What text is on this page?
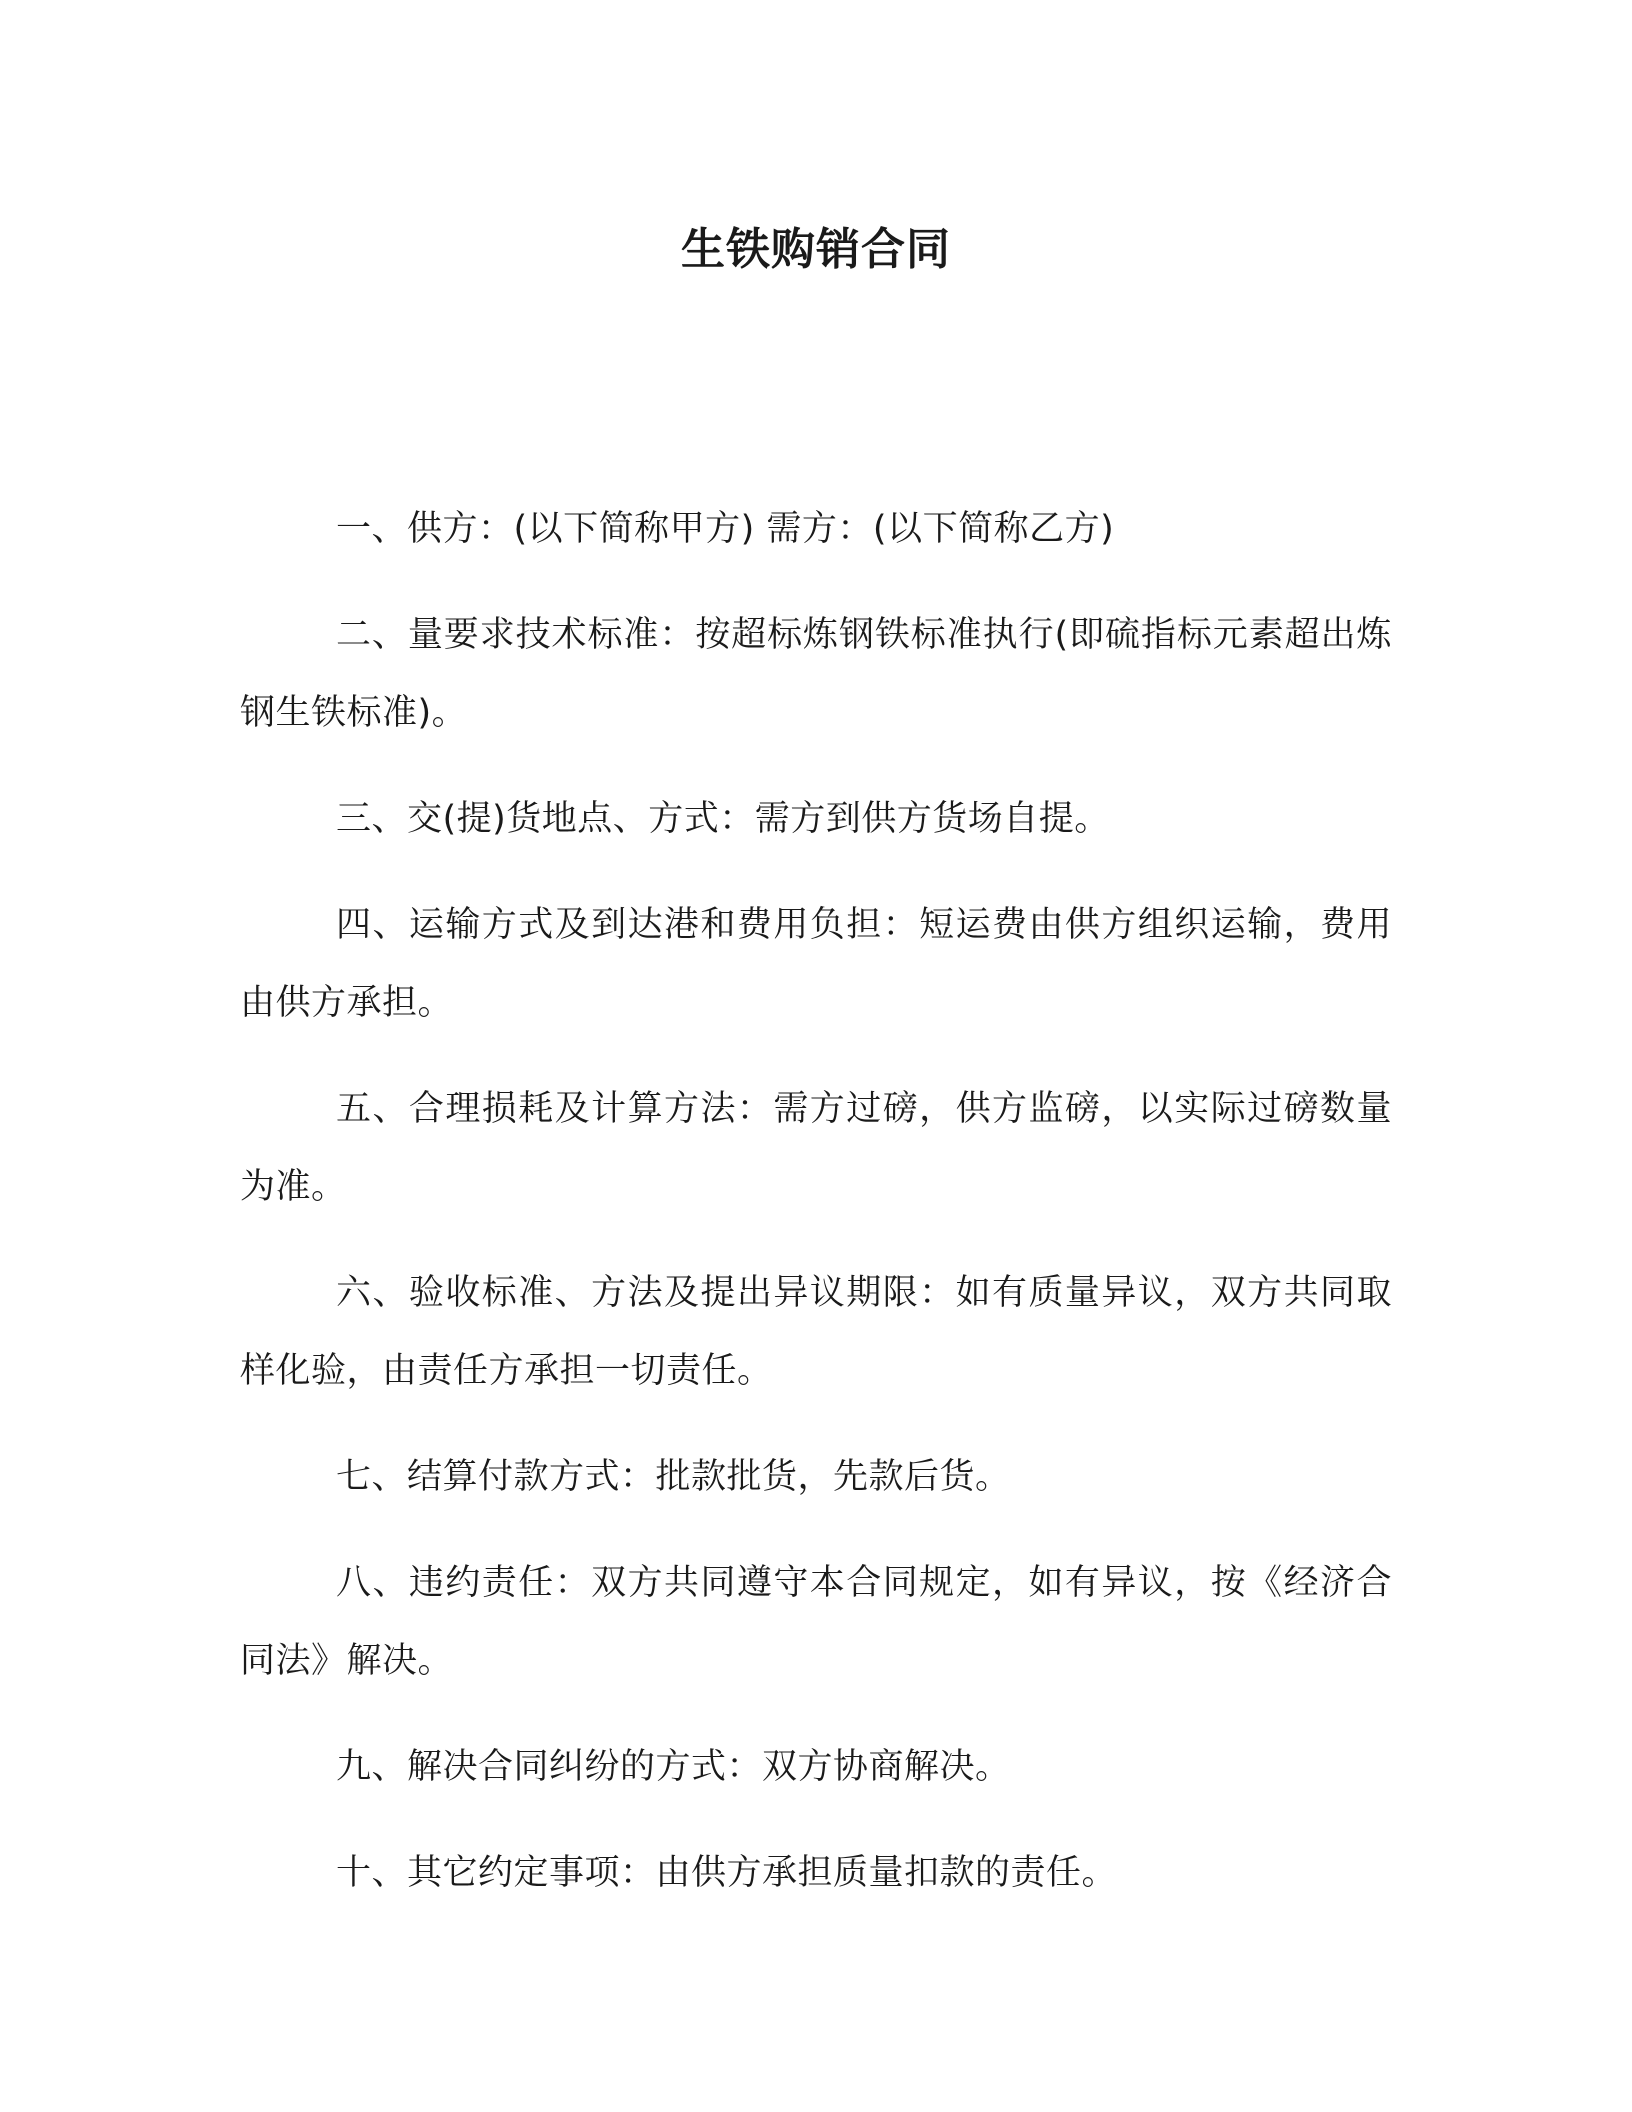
生铁购销合同

一、供方：(以下简称甲方) 需方：(以下简称乙方)

二、量要求技术标准：按超标炼钢铁标准执行(即硫指标元素超出炼钢生铁标准)。

三、交(提)货地点、方式：需方到供方货场自提。

四、运输方式及到达港和费用负担：短运费由供方组织运输，费用由供方承担。

五、合理损耗及计算方法：需方过磅，供方监磅，以实际过磅数量为准。

六、验收标准、方法及提出异议期限：如有质量异议，双方共同取样化验，由责任方承担一切责任。

七、结算付款方式：批款批货，先款后货。

八、违约责任：双方共同遵守本合同规定，如有异议，按《经济合同法》解决。

九、解决合同纠纷的方式：双方协商解决。

十、其它约定事项：由供方承担质量扣款的责任。
